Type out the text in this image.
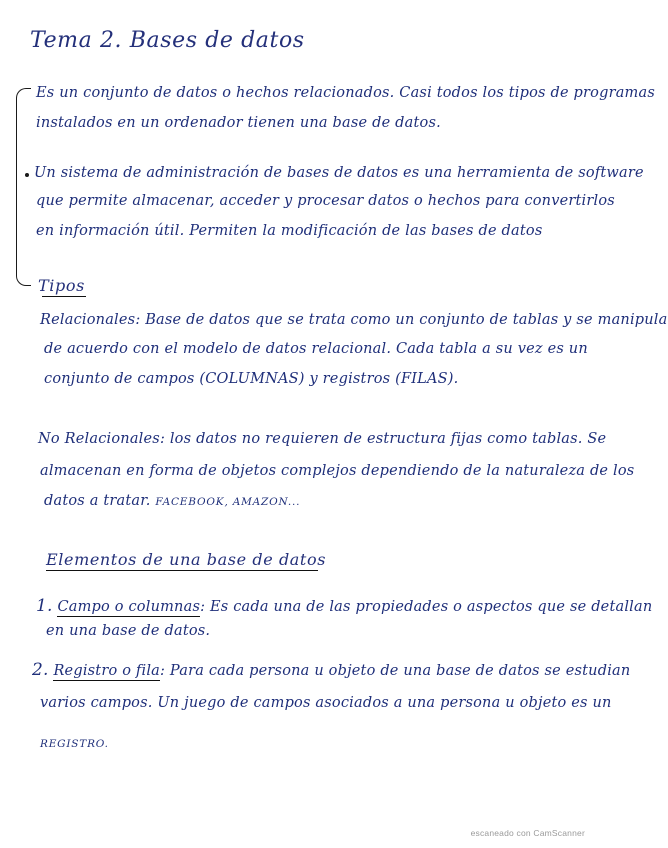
Tema 2. Bases de datos
Es un conjunto de datos o hechos relacionados. Casi todos los tipos de programas
instalados en un ordenador tienen una base de datos.
Un sistema de administración de bases de datos es una herramienta de software
que permite almacenar, acceder y procesar datos o hechos para convertirlos
en información útil. Permiten la modificación de las bases de datos
Tipos
Relacionales: Base de datos que se trata como un conjunto de tablas y se manipula
de acuerdo con el modelo de datos relacional. Cada tabla a su vez es un
conjunto de campos (COLUMNAS) y registros (FILAS).
No Relacionales: los datos no requieren de estructura fijas como tablas. Se
almacenan en forma de objetos complejos dependiendo de la naturaleza de los
datos a tratar. FACEBOOK, AMAZON...
Elementos de una base de datos
1. Campo o columnas: Es cada una de las propiedades o aspectos que se detallan
en una base de datos.
2. Registro o fila: Para cada persona u objeto de una base de datos se estudian
varios campos. Un juego de campos asociados a una persona u objeto es un
REGISTRO.
escaneado con CamScanner
